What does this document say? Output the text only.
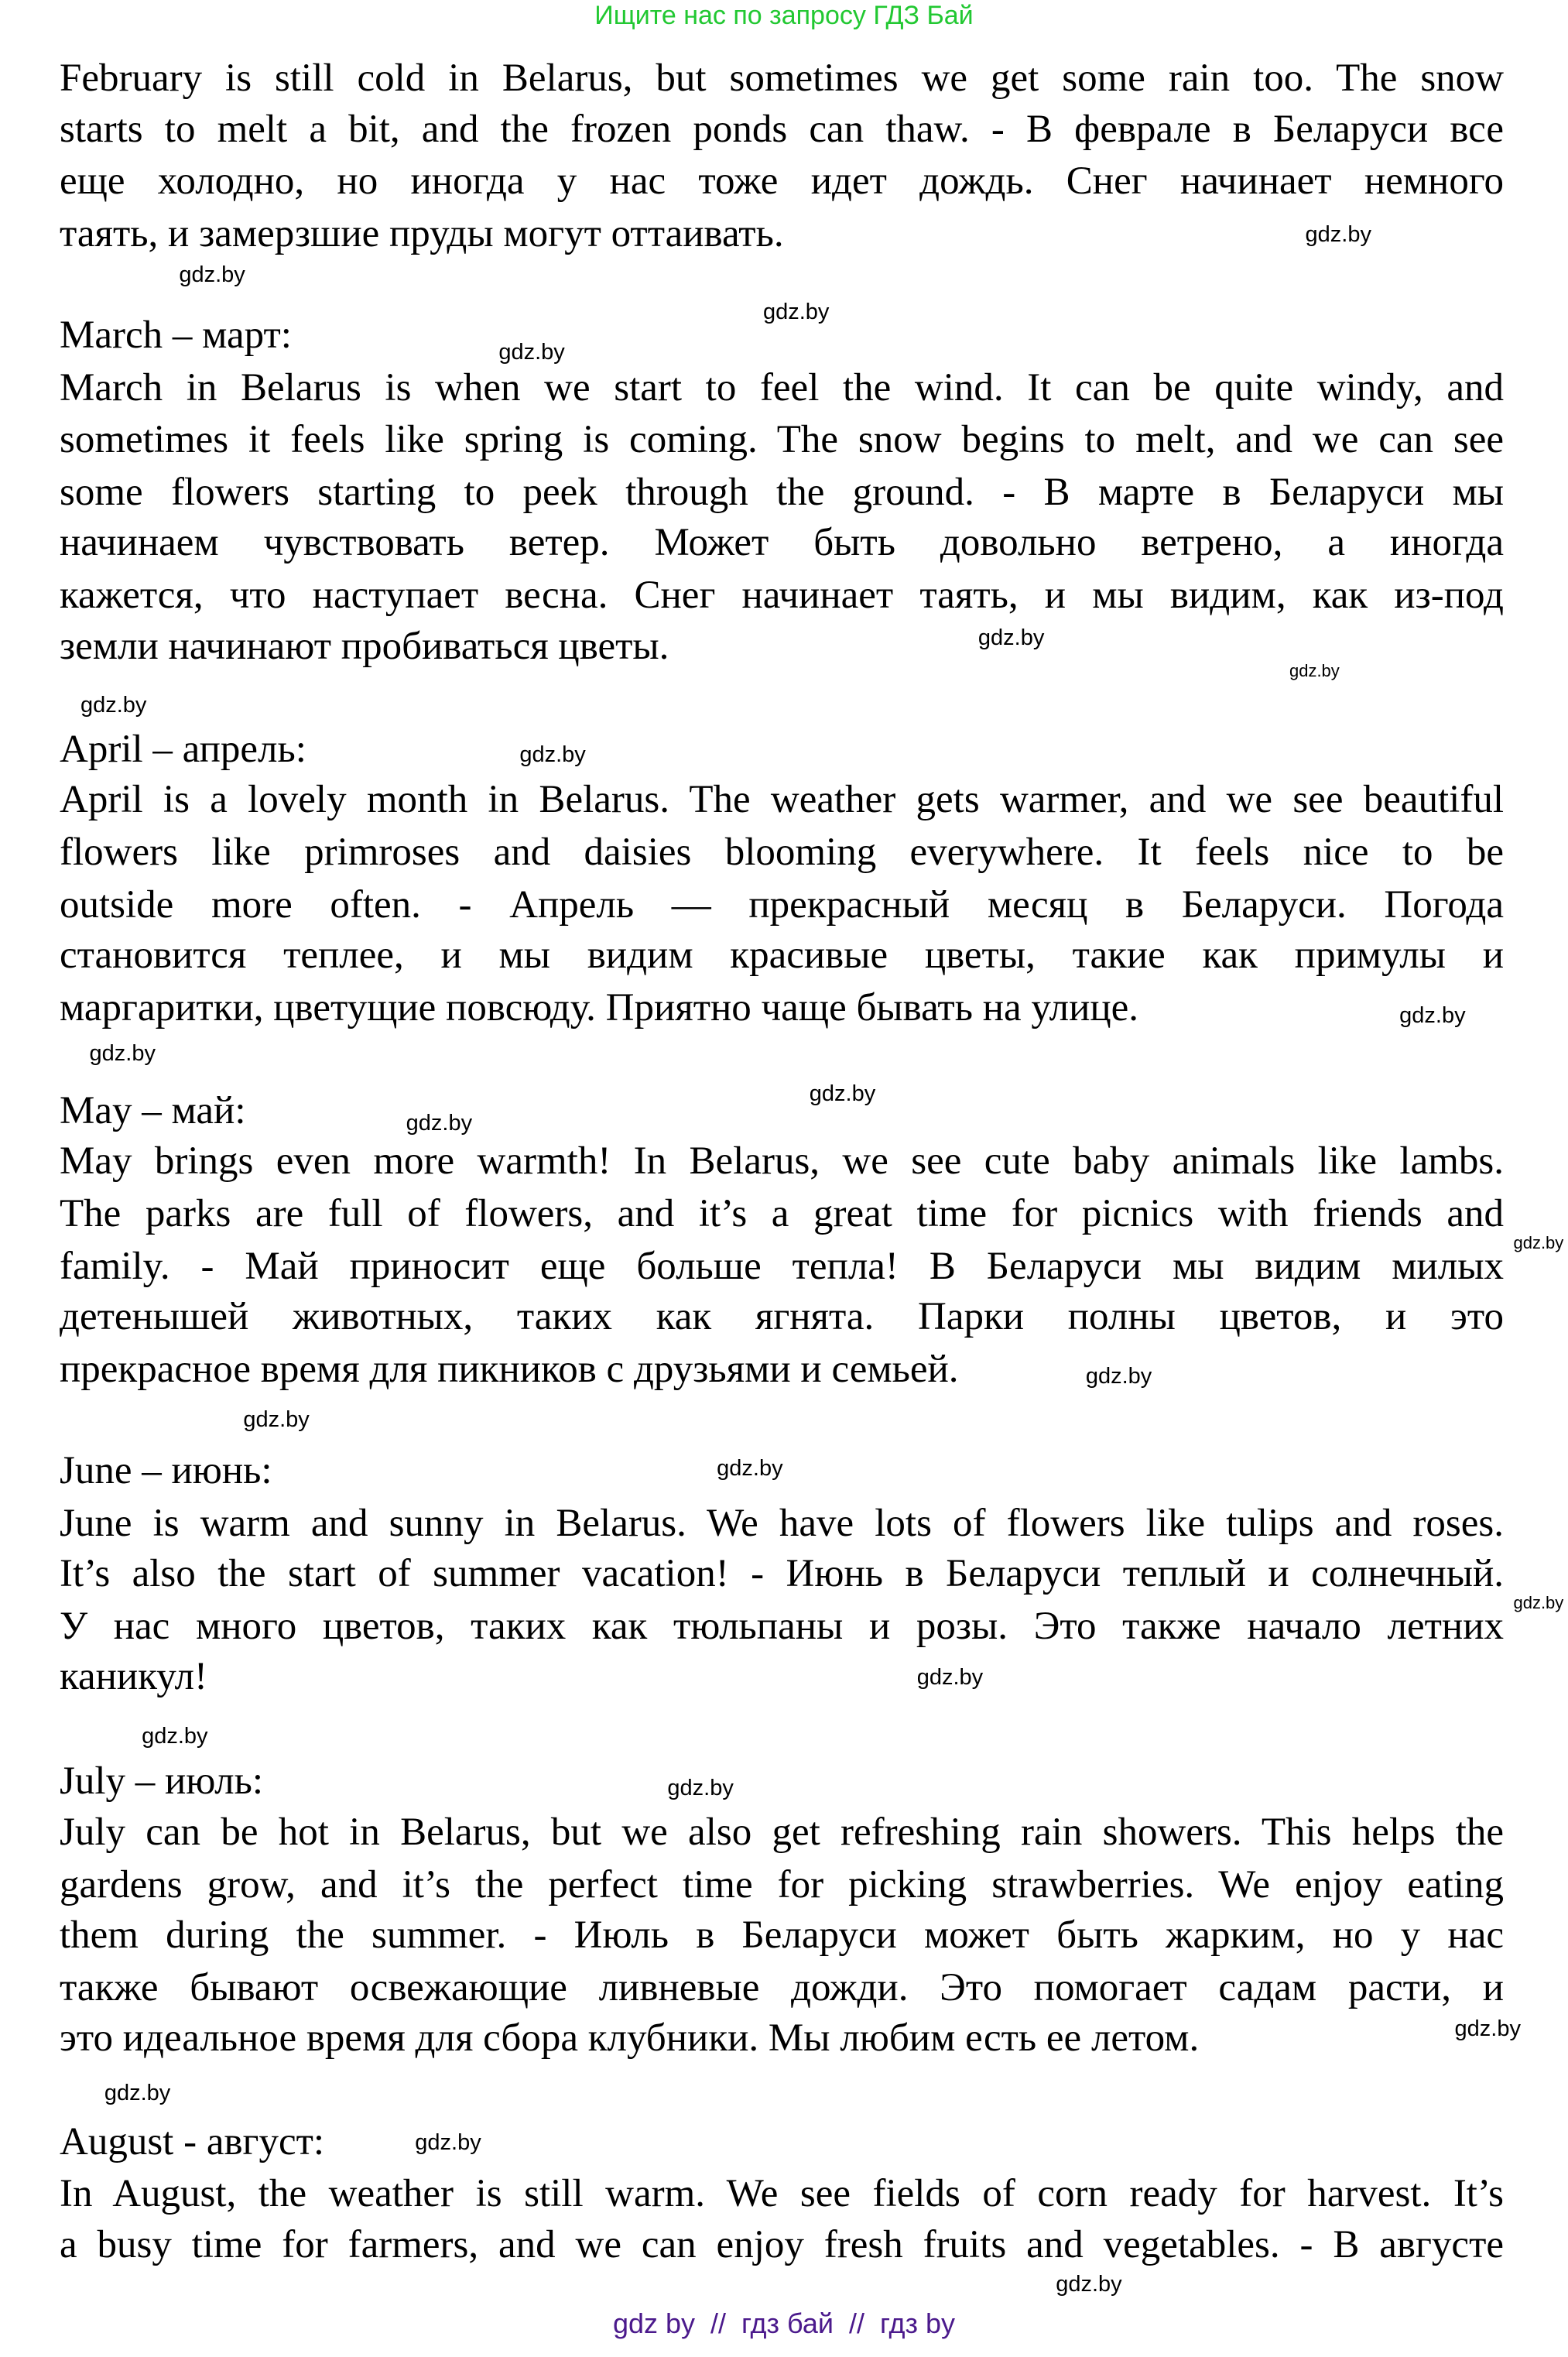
Ищите нас по запросу ГДЗ Бай
February is still cold in Belarus, but sometimes we get some rain too. The snow
starts to melt a bit, and the frozen ponds can thaw. - В феврале в Беларуси все
еще холодно, но иногда у нас тоже идет дождь. Снег начинает немного
таять, и замерзшие пруды могут оттаивать.
March – март:
March in Belarus is when we start to feel the wind. It can be quite windy, and
sometimes it feels like spring is coming. The snow begins to melt, and we can see
some flowers starting to peek through the ground. - В марте в Беларуси мы
начинаем чувствовать ветер. Может быть довольно ветрено, а иногда
кажется, что наступает весна. Снег начинает таять, и мы видим, как из-под
земли начинают пробиваться цветы.
April – апрель:
April is a lovely month in Belarus. The weather gets warmer, and we see beautiful
flowers like primroses and daisies blooming everywhere. It feels nice to be
outside more often. - Апрель — прекрасный месяц в Беларуси. Погода
становится теплее, и мы видим красивые цветы, такие как примулы и
маргаритки, цветущие повсюду. Приятно чаще бывать на улице.
May – май:
May brings even more warmth! In Belarus, we see cute baby animals like lambs.
The parks are full of flowers, and it’s a great time for picnics with friends and
family. - Май приносит еще больше тепла! В Беларуси мы видим милых
детенышей животных, таких как ягнята. Парки полны цветов, и это
прекрасное время для пикников с друзьями и семьей.
June – июнь:
June is warm and sunny in Belarus. We have lots of flowers like tulips and roses.
It’s also the start of summer vacation! - Июнь в Беларуси теплый и солнечный.
У нас много цветов, таких как тюльпаны и розы. Это также начало летних
каникул!
July – июль:
July can be hot in Belarus, but we also get refreshing rain showers. This helps the
gardens grow, and it’s the perfect time for picking strawberries. We enjoy eating
them during the summer. - Июль в Беларуси может быть жарким, но у нас
также бывают освежающие ливневые дожди. Это помогает садам расти, и
это идеальное время для сбора клубники. Мы любим есть ее летом.
August - август:
In August, the weather is still warm. We see fields of corn ready for harvest. It’s
a busy time for farmers, and we can enjoy fresh fruits and vegetables. - В августе
gdz.by
gdz.by
gdz.by
gdz.by
gdz.by
gdz.by
gdz.by
gdz.by
gdz.by
gdz.by
gdz.by
gdz.by
gdz.by
gdz.by
gdz.by
gdz.by
gdz.by
gdz.by
gdz.by
gdz.by
gdz.by
gdz.by
gdz.by
gdz.by
gdz by  //  гдз бай  //  гдз by
